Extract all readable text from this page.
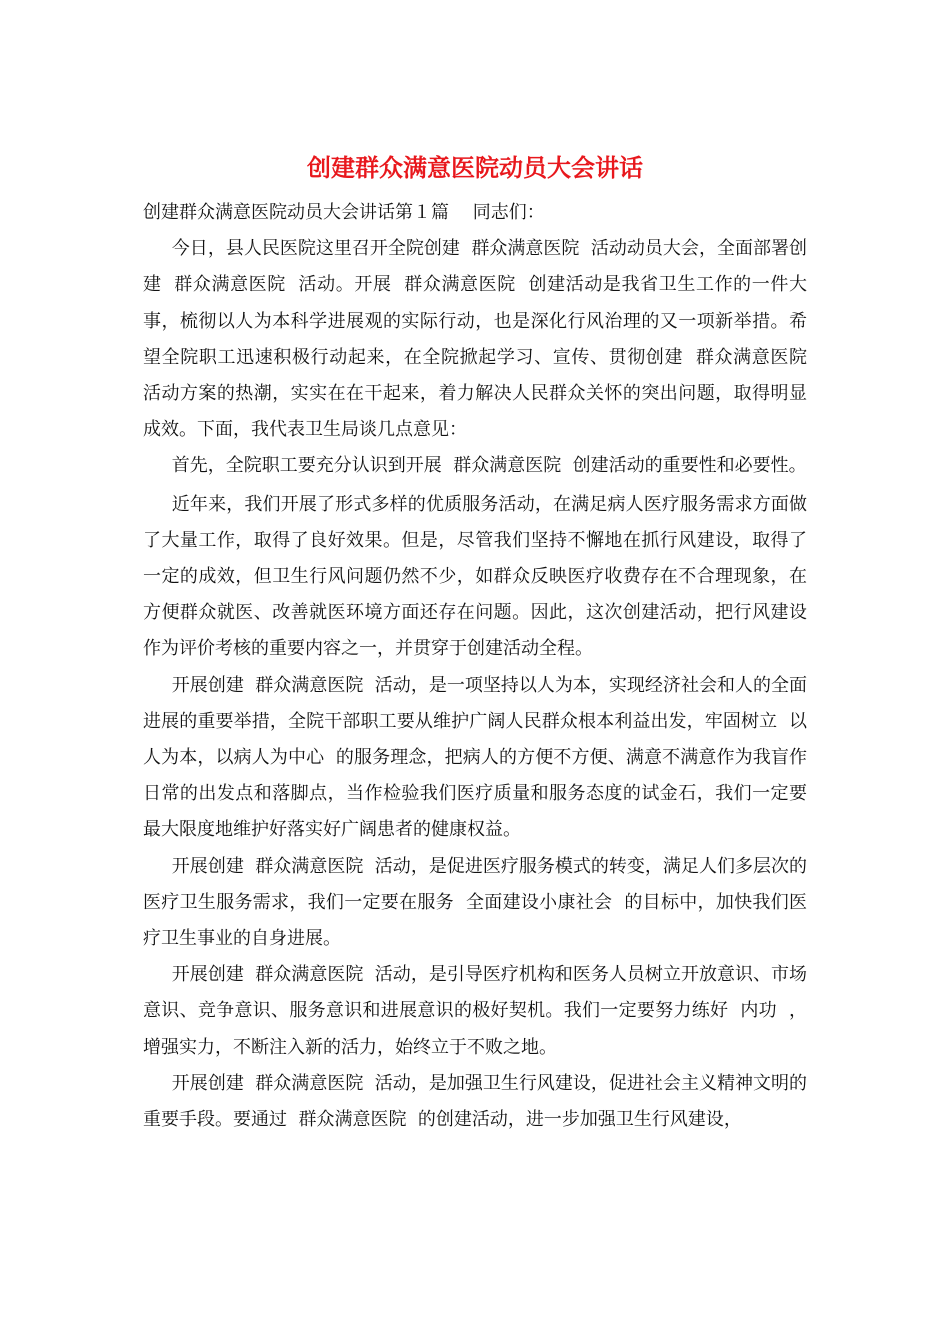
创建群众满意医院动员大会讲话

创建群众满意医院动员大会讲话第１篇　 同志们：

今日，县人民医院这里召开全院创建  群众满意医院  活动动员大会，全面部署创建  群众满意医院  活动。开展  群众满意医院  创建活动是我省卫生工作的一件大事，梳彻以人为本科学进展观的实际行动，也是深化行风治理的又一项新举措。希望全院职工迅速积极行动起来，在全院掀起学习、宣传、贯彻创建  群众满意医院  活动方案的热潮，实实在在干起来，着力解决人民群众关怀的突出问题，取得明显成效。下面，我代表卫生局谈几点意见：

首先，全院职工要充分认识到开展  群众满意医院  创建活动的重要性和必要性。

近年来，我们开展了形式多样的优质服务活动，在满足病人医疗服务需求方面做了大量工作，取得了良好效果。但是，尽管我们坚持不懈地在抓行风建设，取得了一定的成效，但卫生行风问题仍然不少，如群众反映医疗收费存在不合理现象，在方便群众就医、改善就医环境方面还存在问题。因此，这次创建活动，把行风建设作为评价考核的重要内容之一，并贯穿于创建活动全程。

开展创建  群众满意医院  活动，是一项坚持以人为本，实现经济社会和人的全面进展的重要举措，全院干部职工要从维护广阔人民群众根本利益出发，牢固树立  以人为本，以病人为中心  的服务理念，把病人的方便不方便、满意不满意作为我盲作日常的出发点和落脚点，当作检验我们医疗质量和服务态度的试金石，我们一定要最大限度地维护好落实好广阔患者的健康权益。

开展创建  群众满意医院  活动，是促进医疗服务模式的转变，满足人们多层次的医疗卫生服务需求，我们一定要在服务  全面建设小康社会  的目标中，加快我们医疗卫生事业的自身进展。

开展创建  群众满意医院  活动，是引导医疗机构和医务人员树立开放意识、市场意识、竞争意识、服务意识和进展意识的极好契机。我们一定要努力练好  内功  ，增强实力，不断注入新的活力，始终立于不败之地。

开展创建  群众满意医院  活动，是加强卫生行风建设，促进社会主义精神文明的重要手段。要通过  群众满意医院  的创建活动，进一步加强卫生行风建设，
